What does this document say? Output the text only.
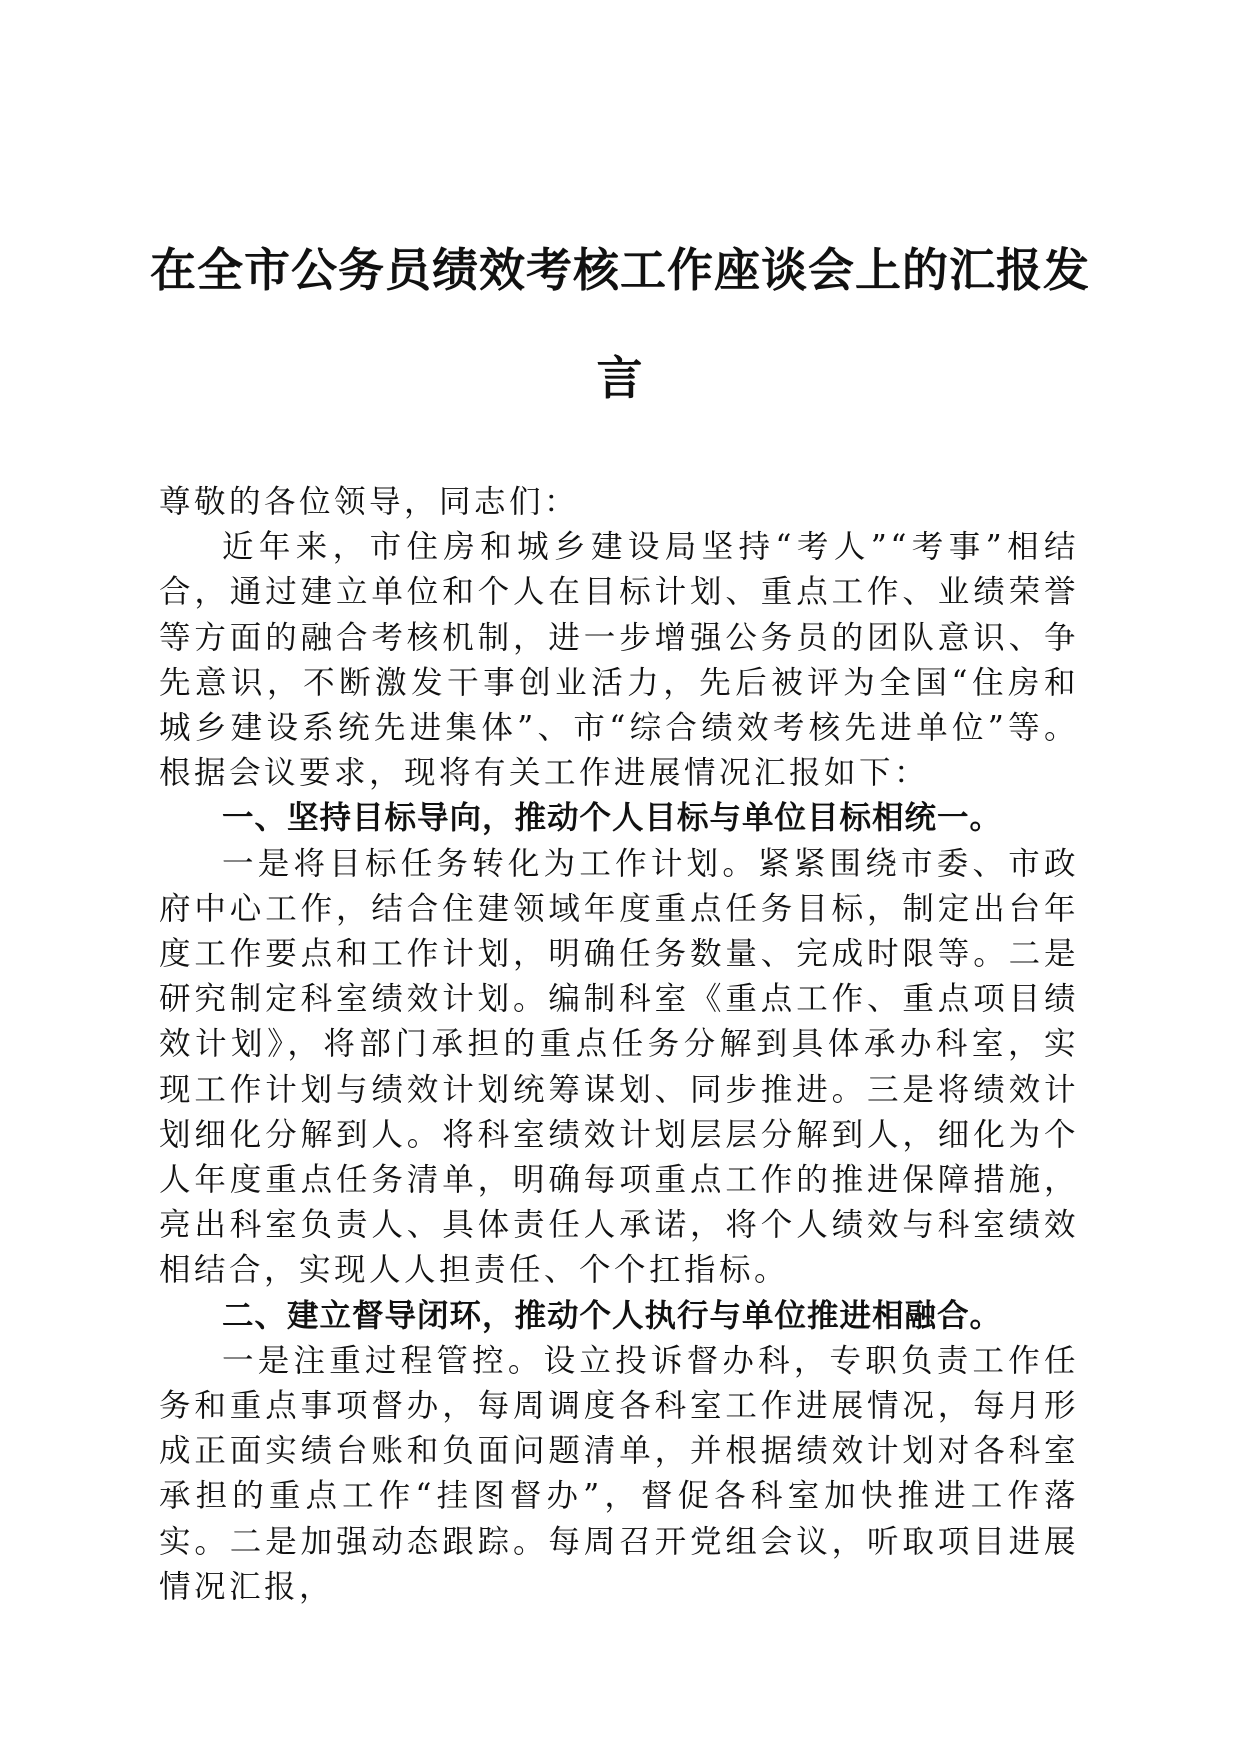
在全市公务员绩效考核工作座谈会上的汇报发
言

尊敬的各位领导，同志们：

近年来，市住房和城乡建设局坚持“考人”“考事”相结合，通过建立单位和个人在目标计划、重点工作、业绩荣誉等方面的融合考核机制，进一步增强公务员的团队意识、争先意识，不断激发干事创业活力，先后被评为全国“住房和城乡建设系统先进集体”、市“综合绩效考核先进单位”等。根据会议要求，现将有关工作进展情况汇报如下：

一、坚持目标导向，推动个人目标与单位目标相统一。

一是将目标任务转化为工作计划。紧紧围绕市委、市政府中心工作，结合住建领域年度重点任务目标，制定出台年度工作要点和工作计划，明确任务数量、完成时限等。二是研究制定科室绩效计划。编制科室《重点工作、重点项目绩效计划》，将部门承担的重点任务分解到具体承办科室，实现工作计划与绩效计划统筹谋划、同步推进。三是将绩效计划细化分解到人。将科室绩效计划层层分解到人，细化为个人年度重点任务清单，明确每项重点工作的推进保障措施，亮出科室负责人、具体责任人承诺，将个人绩效与科室绩效相结合，实现人人担责任、个个扛指标。

二、建立督导闭环，推动个人执行与单位推进相融合。

一是注重过程管控。设立投诉督办科，专职负责工作任务和重点事项督办，每周调度各科室工作进展情况，每月形成正面实绩台账和负面问题清单，并根据绩效计划对各科室承担的重点工作“挂图督办”，督促各科室加快推进工作落实。二是加强动态跟踪。每周召开党组会议，听取项目进展情况汇报，
